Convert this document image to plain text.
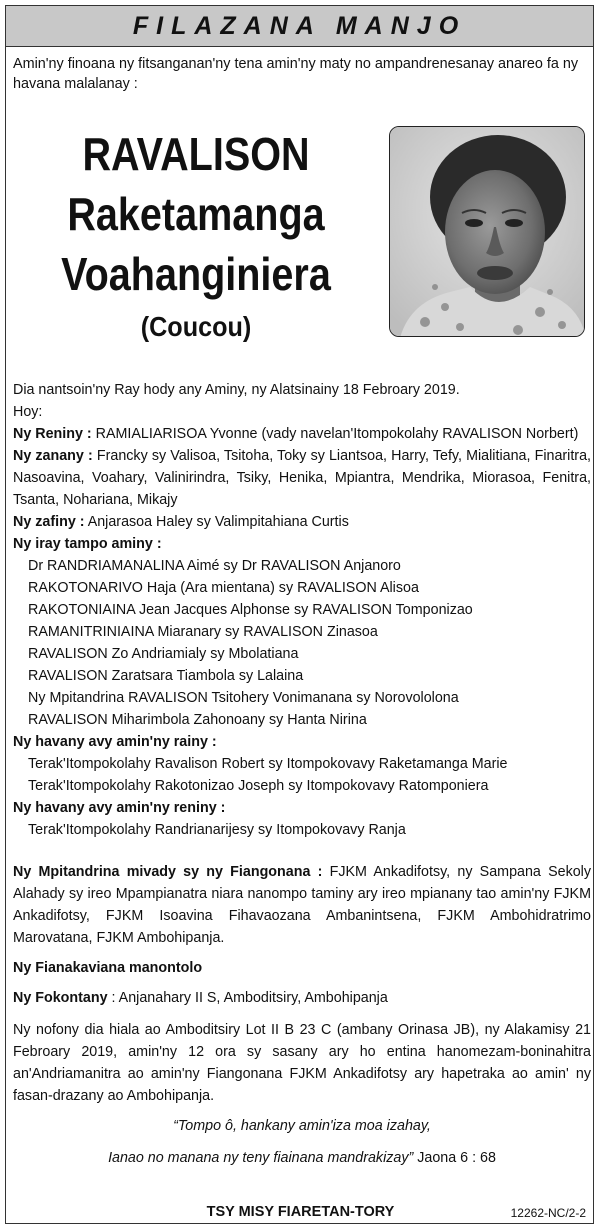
FILAZANA MANJO
Amin'ny finoana ny fitsanganan'ny tena amin'ny maty no ampandrenesanay anareo fa ny havana malalanay :
RAVALISON
Raketamanga
Voahanginiera
(Coucou)

Dia nantsoin'ny Ray hody any Aminy, ny Alatsinainy 18 Febroary 2019.

Hoy:

Ny Reniny : RAMIALIARISOA Yvonne (vady navelan'Itompokolahy RAVALISON Norbert)

Ny zanany : Francky sy Valisoa, Tsitoha, Toky sy Liantsoa, Harry, Tefy, Mialitiana, Finaritra, Nasoavina, Voahary, Valinirindra, Tsiky, Henika, Mpiantra, Mendrika, Miorasoa, Fenitra, Tsanta, Nohariana, Mikajy

Ny zafiny : Anjarasoa Haley sy Valimpitahiana Curtis

Ny iray tampo aminy :

Dr RANDRIAMANALINA Aimé sy Dr RAVALISON Anjanoro

RAKOTONARIVO Haja (Ara mientana) sy RAVALISON Alisoa

RAKOTONIAINA Jean Jacques Alphonse sy RAVALISON Tomponizao

RAMANITRINIAINA Miaranary sy RAVALISON Zinasoa

RAVALISON Zo Andriamialy sy Mbolatiana

RAVALISON Zaratsara Tiambola sy Lalaina

Ny Mpitandrina RAVALISON Tsitohery Vonimanana sy Norovololona

RAVALISON Miharimbola Zahonoany sy Hanta Nirina

Ny havany avy amin'ny rainy :

Terak'Itompokolahy Ravalison Robert sy Itompokovavy Raketamanga Marie

Terak'Itompokolahy Rakotonizao Joseph sy Itompokovavy Ratomponiera

Ny havany avy amin'ny reniny :

Terak'Itompokolahy Randrianarijesy sy Itompokovavy Ranja

Ny Mpitandrina mivady sy ny Fiangonana : FJKM Ankadifotsy, ny Sampana Sekoly Alahady sy ireo Mpampianatra niara nanompo taminy ary ireo mpianany tao amin'ny FJKM Ankadifotsy, FJKM Isoavina Fihavaozana Ambanintsena, FJKM Ambohidratrimo Marovatana, FJKM Ambohipanja.

Ny Fianakaviana manontolo

Ny Fokontany : Anjanahary II S, Amboditsiry, Ambohipanja

Ny nofony dia hiala ao Amboditsiry Lot II B 23 C (ambany Orinasa JB), ny Alakamisy 21 Febroary 2019, amin'ny 12 ora sy sasany ary ho entina hanomezam-boninahitra an'Andriamanitra ao amin'ny Fiangonana FJKM Ankadifotsy ary hapetraka ao amin' ny fasan-drazany ao Ambohipanja.

“Tompo ô, hankany amin'iza moa izahay,

Ianao no manana ny teny fiainana mandrakizay” Jaona 6 : 68

TSY MISY FIARETAN-TORY	12262-NC/2-2
